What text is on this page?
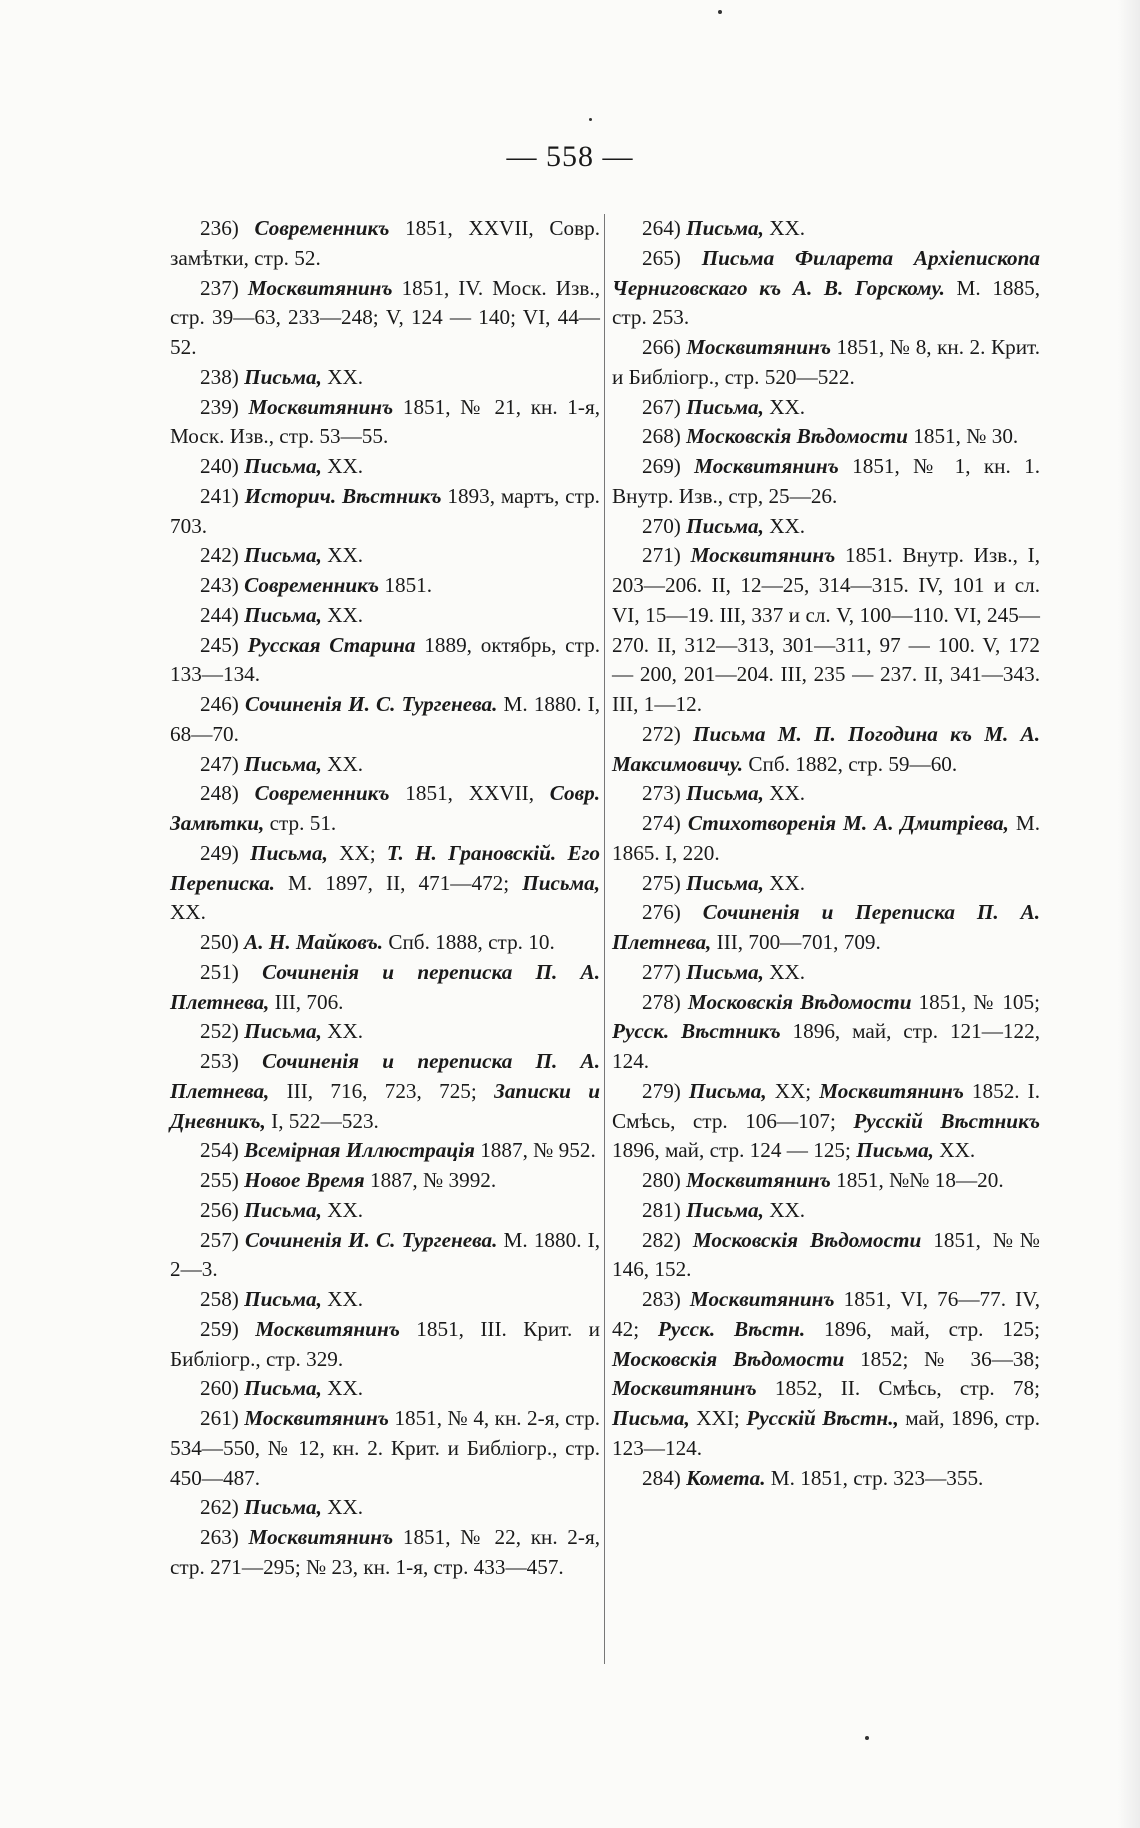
— 558 —

236) Современникъ 1851, XXVII, Совр. замѣтки, стр. 52.

237) Москвитянинъ 1851, IV. Моск. Изв., стр. 39—63, 233—248; V, 124 — 140; VI, 44—52.

238) Письма, XX.

239) Москвитянинъ 1851, № 21, кн. 1-я, Моск. Изв., стр. 53—55.

240) Письма, XX.

241) Историч. Вѣстникъ 1893, мартъ, стр. 703.

242) Письма, XX.

243) Современникъ 1851.

244) Письма, XX.

245) Русская Старина 1889, октябрь, стр. 133—134.

246) Сочиненія И. С. Тургенева. М. 1880. I, 68—70.

247) Письма, XX.

248) Современникъ 1851, XXVII, Совр. Замѣтки, стр. 51.

249) Письма, XX; Т. Н. Грановскій. Его Переписка. М. 1897, II, 471—472; Письма, XX.

250) А. Н. Майковъ. Спб. 1888, стр. 10.

251) Сочиненія и переписка П. А. Плетнева, III, 706.

252) Письма, XX.

253) Сочиненія и переписка П. А. Плетнева, III, 716, 723, 725; Записки и Дневникъ, I, 522—523.

254) Всемірная Иллюстрація 1887, № 952.

255) Новое Время 1887, № 3992.

256) Письма, XX.

257) Сочиненія И. С. Тургенева. М. 1880. I, 2—3.

258) Письма, XX.

259) Москвитянинъ 1851, III. Крит. и Библіогр., стр. 329.

260) Письма, XX.

261) Москвитянинъ 1851, № 4, кн. 2-я, стр. 534—550, № 12, кн. 2. Крит. и Библіогр., стр. 450—487.

262) Письма, XX.

263) Москвитянинъ 1851, № 22, кн. 2-я, стр. 271—295; № 23, кн. 1-я, стр. 433—457.

264) Письма, XX.

265) Письма Филарета Архіепископа Черниговскаго къ А. В. Горскому. М. 1885, стр. 253.

266) Москвитянинъ 1851, № 8, кн. 2. Крит. и Библіогр., стр. 520—522.

267) Письма, XX.

268) Московскія Вѣдомости 1851, № 30.

269) Москвитянинъ 1851, № 1, кн. 1. Внутр. Изв., стр, 25—26.

270) Письма, XX.

271) Москвитянинъ 1851. Внутр. Изв., I, 203—206. II, 12—25, 314—315. IV, 101 и сл. VI, 15—19. III, 337 и сл. V, 100—110. VI, 245—270. II, 312—313, 301—311, 97 — 100. V, 172 — 200, 201—204. III, 235 — 237. II, 341—343. III, 1—12.

272) Письма М. П. Погодина къ М. А. Максимовичу. Спб. 1882, стр. 59—60.

273) Письма, XX.

274) Стихотворенія М. А. Дмитріева, М. 1865. I, 220.

275) Письма, XX.

276) Сочиненія и Переписка П. А. Плетнева, III, 700—701, 709.

277) Письма, XX.

278) Московскія Вѣдомости 1851, № 105; Русск. Вѣстникъ 1896, май, стр. 121—122, 124.

279) Письма, XX; Москвитянинъ 1852. I. Смѣсь, стр. 106—107; Русскій Вѣстникъ 1896, май, стр. 124 — 125; Письма, XX.

280) Москвитянинъ 1851, №№ 18—20.

281) Письма, XX.

282) Московскія Вѣдомости 1851, №№ 146, 152.

283) Москвитянинъ 1851, VI, 76—77. IV, 42; Русск. Вѣстн. 1896, май, стр. 125; Московскія Вѣдомости 1852; № 36—38; Москвитянинъ 1852, II. Смѣсь, стр. 78; Письма, XXI; Русскій Вѣстн., май, 1896, стр. 123—124.

284) Комета. М. 1851, стр. 323—355.
